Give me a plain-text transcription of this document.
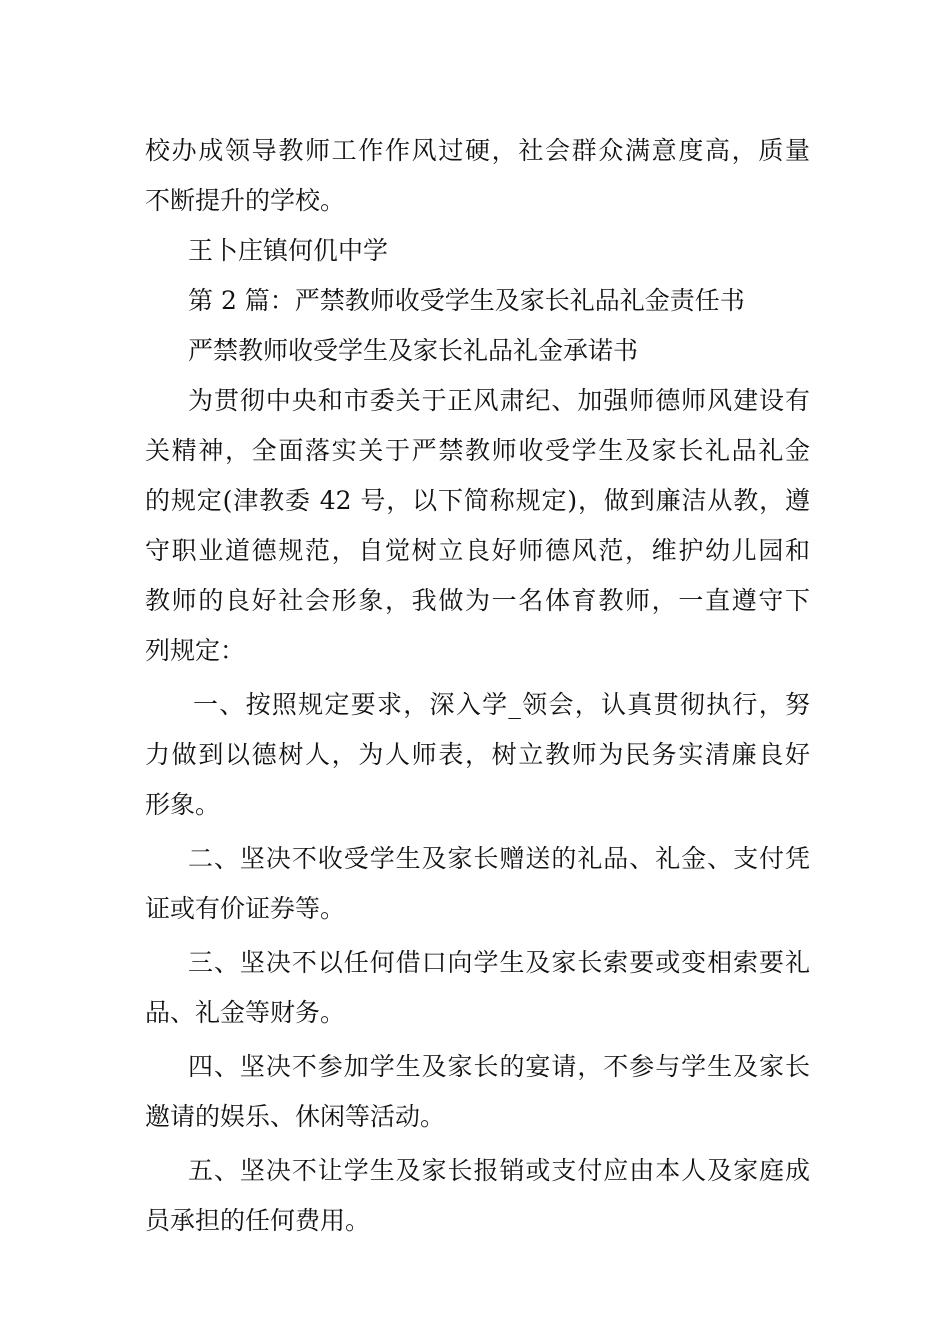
校办成领导教师工作作风过硬，社会群众满意度高，质量
不断提升的学校。
王卜庄镇何仉中学
第 2 篇：严禁教师收受学生及家长礼品礼金责任书
严禁教师收受学生及家长礼品礼金承诺书
为贯彻中央和市委关于正风肃纪、加强师德师风建设有
关精神，全面落实关于严禁教师收受学生及家长礼品礼金
的规定(津教委 42 号，以下简称规定)，做到廉洁从教，遵
守职业道德规范，自觉树立良好师德风范，维护幼儿园和
教师的良好社会形象，我做为一名体育教师，一直遵守下
列规定：
一、按照规定要求，深入学_领会，认真贯彻执行，努
力做到以德树人，为人师表，树立教师为民务实清廉良好
形象。
二、坚决不收受学生及家长赠送的礼品、礼金、支付凭
证或有价证券等。
三、坚决不以任何借口向学生及家长索要或变相索要礼
品、礼金等财务。
四、坚决不参加学生及家长的宴请，不参与学生及家长
邀请的娱乐、休闲等活动。
五、坚决不让学生及家长报销或支付应由本人及家庭成
员承担的任何费用。
